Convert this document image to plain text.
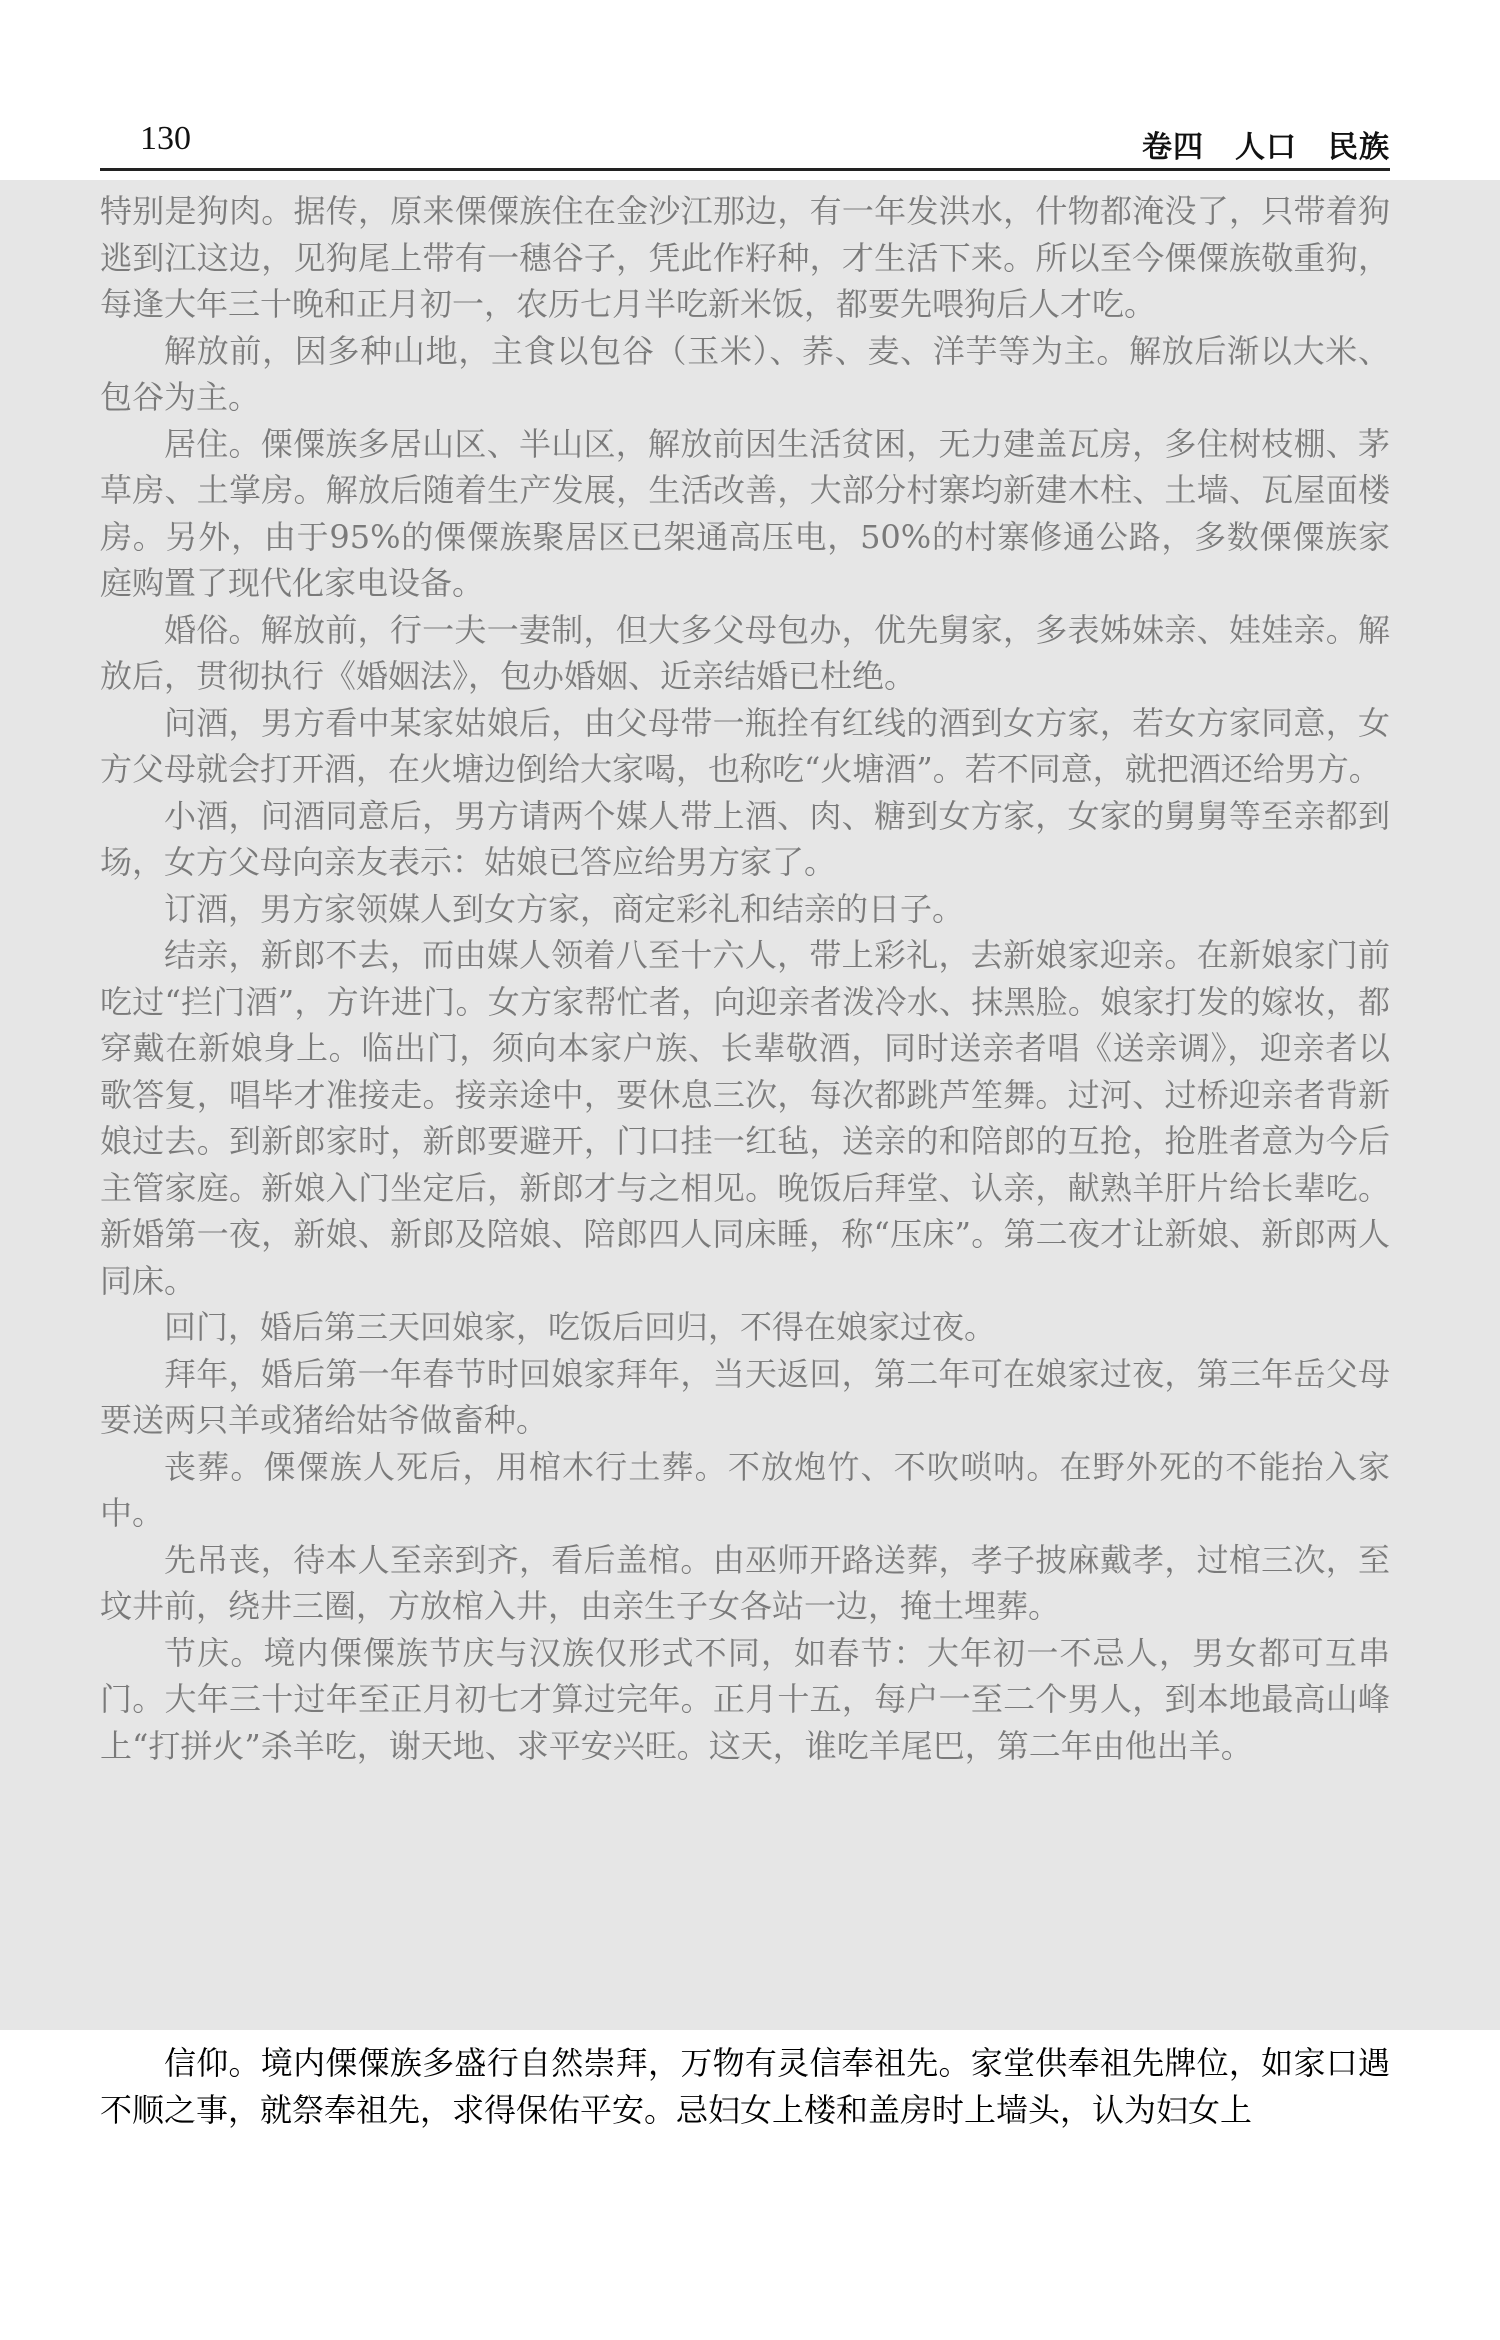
130	卷四　人口　民族

特别是狗肉。据传，原来傈僳族住在金沙江那边，有一年发洪水，什物都淹没了，只带着狗逃到江这边，见狗尾上带有一穗谷子，凭此作籽种，才生活下来。所以至今傈僳族敬重狗，每逢大年三十晚和正月初一，农历七月半吃新米饭，都要先喂狗后人才吃。

解放前，因多种山地，主食以包谷（玉米）、荞、麦、洋芋等为主。解放后渐以大米、包谷为主。

居住。傈僳族多居山区、半山区，解放前因生活贫困，无力建盖瓦房，多住树枝棚、茅草房、土掌房。解放后随着生产发展，生活改善，大部分村寨均新建木柱、土墙、瓦屋面楼房。另外，由于95%的傈僳族聚居区已架通高压电，50%的村寨修通公路，多数傈僳族家庭购置了现代化家电设备。

婚俗。解放前，行一夫一妻制，但大多父母包办，优先舅家，多表姊妹亲、娃娃亲。解放后，贯彻执行《婚姻法》，包办婚姻、近亲结婚已杜绝。

问酒，男方看中某家姑娘后，由父母带一瓶拴有红线的酒到女方家，若女方家同意，女方父母就会打开酒，在火塘边倒给大家喝，也称吃“火塘酒”。若不同意，就把酒还给男方。

小酒，问酒同意后，男方请两个媒人带上酒、肉、糖到女方家，女家的舅舅等至亲都到场，女方父母向亲友表示：姑娘已答应给男方家了。

订酒，男方家领媒人到女方家，商定彩礼和结亲的日子。

结亲，新郎不去，而由媒人领着八至十六人，带上彩礼，去新娘家迎亲。在新娘家门前吃过“拦门酒”，方许进门。女方家帮忙者，向迎亲者泼冷水、抹黑脸。娘家打发的嫁妆，都穿戴在新娘身上。临出门，须向本家户族、长辈敬酒，同时送亲者唱《送亲调》，迎亲者以歌答复，唱毕才准接走。接亲途中，要休息三次，每次都跳芦笙舞。过河、过桥迎亲者背新娘过去。到新郎家时，新郎要避开，门口挂一红毡，送亲的和陪郎的互抢，抢胜者意为今后主管家庭。新娘入门坐定后，新郎才与之相见。晚饭后拜堂、认亲，献熟羊肝片给长辈吃。新婚第一夜，新娘、新郎及陪娘、陪郎四人同床睡，称“压床”。第二夜才让新娘、新郎两人同床。

回门，婚后第三天回娘家，吃饭后回归，不得在娘家过夜。

拜年，婚后第一年春节时回娘家拜年，当天返回，第二年可在娘家过夜，第三年岳父母要送两只羊或猪给姑爷做畜种。

丧葬。傈僳族人死后，用棺木行土葬。不放炮竹、不吹唢呐。在野外死的不能抬入家中。

先吊丧，待本人至亲到齐，看后盖棺。由巫师开路送葬，孝子披麻戴孝，过棺三次，至坟井前，绕井三圈，方放棺入井，由亲生子女各站一边，掩土埋葬。

节庆。境内傈僳族节庆与汉族仅形式不同，如春节：大年初一不忌人，男女都可互串门。大年三十过年至正月初七才算过完年。正月十五，每户一至二个男人，到本地最高山峰上“打拼火”杀羊吃，谢天地、求平安兴旺。这天，谁吃羊尾巴，第二年由他出羊。

信仰。境内傈僳族多盛行自然崇拜，万物有灵信奉祖先。家堂供奉祖先牌位，如家口遇不顺之事，就祭奉祖先，求得保佑平安。忌妇女上楼和盖房时上墙头，认为妇女上
